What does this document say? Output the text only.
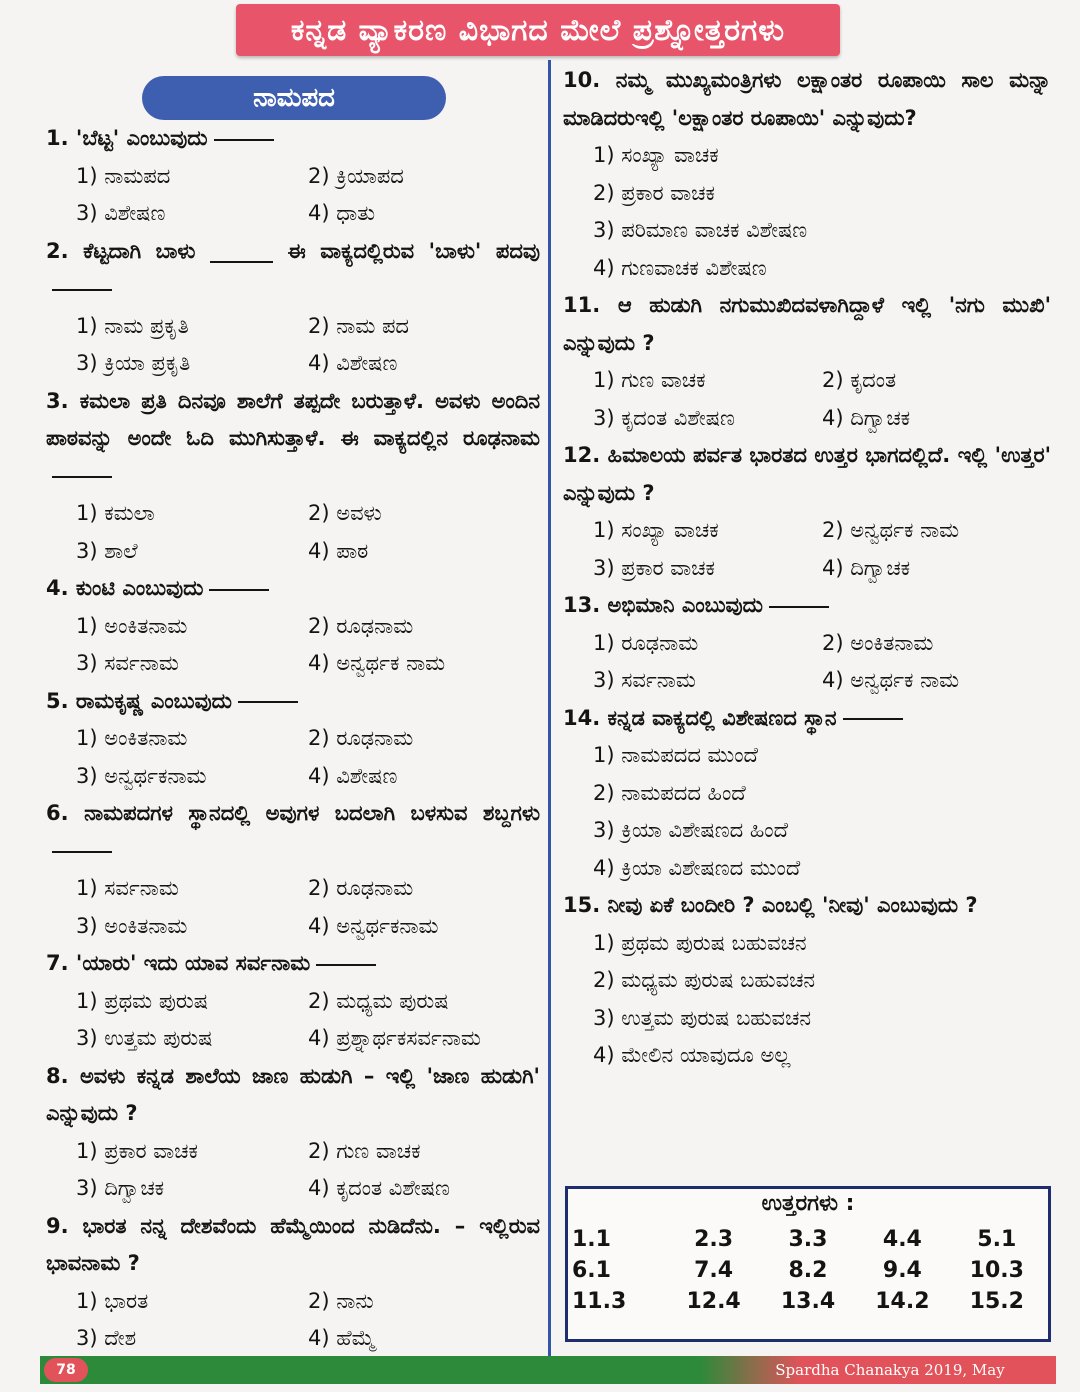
ಕನ್ನಡ ವ್ಯಾಕರಣ ವಿಭಾಗದ ಮೇಲೆ ಪ್ರಶ್ನೋತ್ತರಗಳು
ನಾಮಪದ
1. 'ಬೆಟ್ಟ' ಎಂಬುವುದು
1) ನಾಮಪದ	2) ಕ್ರಿಯಾಪದ
3) ವಿಶೇಷಣ	4) ಧಾತು
2. ಕೆಟ್ಟದಾಗಿ ಬಾಳು ______ ಈ ವಾಕ್ಯದಲ್ಲಿರುವ 'ಬಾಳು' ಪದವು
1) ನಾಮ ಪ್ರಕೃತಿ	2) ನಾಮ ಪದ
3) ಕ್ರಿಯಾ ಪ್ರಕೃತಿ	4) ವಿಶೇಷಣ
3. ಕಮಲಾ ಪ್ರತಿ ದಿನವೂ ಶಾಲೆಗೆ ತಪ್ಪದೇ ಬರುತ್ತಾಳೆ. ಅವಳು ಅಂದಿನ ಪಾಠವನ್ನು ಅಂದೇ ಓದಿ ಮುಗಿಸುತ್ತಾಳೆ. ಈ ವಾಕ್ಯದಲ್ಲಿನ ರೂಢನಾಮ
1) ಕಮಲಾ	2) ಅವಳು
3) ಶಾಲೆ	4) ಪಾಠ
4. ಕುಂಟಿ ಎಂಬುವುದು
1) ಅಂಕಿತನಾಮ	2) ರೂಢನಾಮ
3) ಸರ್ವನಾಮ	4) ಅನ್ವರ್ಥಕ ನಾಮ
5. ರಾಮಕೃಷ್ಣ ಎಂಬುವುದು
1) ಅಂಕಿತನಾಮ	2) ರೂಢನಾಮ
3) ಅನ್ವರ್ಥಕನಾಮ	4) ವಿಶೇಷಣ
6. ನಾಮಪದಗಳ ಸ್ಥಾನದಲ್ಲಿ ಅವುಗಳ ಬದಲಾಗಿ ಬಳಸುವ ಶಬ್ದಗಳು
1) ಸರ್ವನಾಮ	2) ರೂಢನಾಮ
3) ಅಂಕಿತನಾಮ	4) ಅನ್ವರ್ಥಕನಾಮ
7. 'ಯಾರು' ಇದು ಯಾವ ಸರ್ವನಾಮ
1) ಪ್ರಥಮ ಪುರುಷ	2) ಮಧ್ಯಮ ಪುರುಷ
3) ಉತ್ತಮ ಪುರುಷ	4) ಪ್ರಶ್ನಾರ್ಥಕಸರ್ವನಾಮ
8. ಅವಳು ಕನ್ನಡ ಶಾಲೆಯ ಜಾಣ ಹುಡುಗಿ – ಇಲ್ಲಿ 'ಜಾಣ ಹುಡುಗಿ' ಎನ್ನುವುದು ?
1) ಪ್ರಕಾರ ವಾಚಕ	2) ಗುಣ ವಾಚಕ
3) ದಿಗ್ವಾಚಕ	4) ಕೃದಂತ ವಿಶೇಷಣ
9. ಭಾರತ ನನ್ನ ದೇಶವೆಂದು ಹೆಮ್ಮೆಯಿಂದ ನುಡಿದೆನು. – ಇಲ್ಲಿರುವ ಭಾವನಾಮ ?
1) ಭಾರತ	2) ನಾನು
3) ದೇಶ	4) ಹೆಮ್ಮೆ
10. ನಮ್ಮ ಮುಖ್ಯಮಂತ್ರಿಗಳು ಲಕ್ಷಾಂತರ ರೂಪಾಯಿ ಸಾಲ ಮನ್ನಾ ಮಾಡಿದರುಇಲ್ಲಿ 'ಲಕ್ಷಾಂತರ ರೂಪಾಯಿ' ಎನ್ನುವುದು?
1) ಸಂಖ್ಯಾ ವಾಚಕ
2) ಪ್ರಕಾರ ವಾಚಕ
3) ಪರಿಮಾಣ ವಾಚಕ ವಿಶೇಷಣ
4) ಗುಣವಾಚಕ ವಿಶೇಷಣ
11. ಆ ಹುಡುಗಿ ನಗುಮುಖಿದವಳಾಗಿದ್ದಾಳೆ ಇಲ್ಲಿ 'ನಗು ಮುಖಿ' ಎನ್ನುವುದು ?
1) ಗುಣ ವಾಚಕ	2) ಕೃದಂತ
3) ಕೃದಂತ ವಿಶೇಷಣ	4) ದಿಗ್ವಾಚಕ
12. ಹಿಮಾಲಯ ಪರ್ವತ ಭಾರತದ ಉತ್ತರ ಭಾಗದಲ್ಲಿದೆ. ಇಲ್ಲಿ 'ಉತ್ತರ' ಎನ್ನುವುದು ?
1) ಸಂಖ್ಯಾ ವಾಚಕ	2) ಅನ್ವರ್ಥಕ ನಾಮ
3) ಪ್ರಕಾರ ವಾಚಕ	4) ದಿಗ್ವಾಚಕ
13. ಅಭಿಮಾನಿ ಎಂಬುವುದು
1) ರೂಢನಾಮ	2) ಅಂಕಿತನಾಮ
3) ಸರ್ವನಾಮ	4) ಅನ್ವರ್ಥಕ ನಾಮ
14. ಕನ್ನಡ ವಾಕ್ಯದಲ್ಲಿ ವಿಶೇಷಣದ ಸ್ಥಾನ
1) ನಾಮಪದದ ಮುಂದೆ
2) ನಾಮಪದದ ಹಿಂದೆ
3) ಕ್ರಿಯಾ ವಿಶೇಷಣದ ಹಿಂದೆ
4) ಕ್ರಿಯಾ ವಿಶೇಷಣದ ಮುಂದೆ
15. ನೀವು ಏಕೆ ಬಂದೀರಿ ? ಎಂಬಲ್ಲಿ 'ನೀವು' ಎಂಬುವುದು ?
1) ಪ್ರಥಮ ಪುರುಷ ಬಹುವಚನ
2) ಮಧ್ಯಮ ಪುರುಷ ಬಹುವಚನ
3) ಉತ್ತಮ ಪುರುಷ ಬಹುವಚನ
4) ಮೇಲಿನ ಯಾವುದೂ ಅಲ್ಲ
ಉತ್ತರಗಳು :
1.1	2.3	3.3	4.4	5.1
6.1	7.4	8.2	9.4	10.3
11.3	12.4	13.4	14.2	15.2
78	Spardha Chanakya 2019, May
